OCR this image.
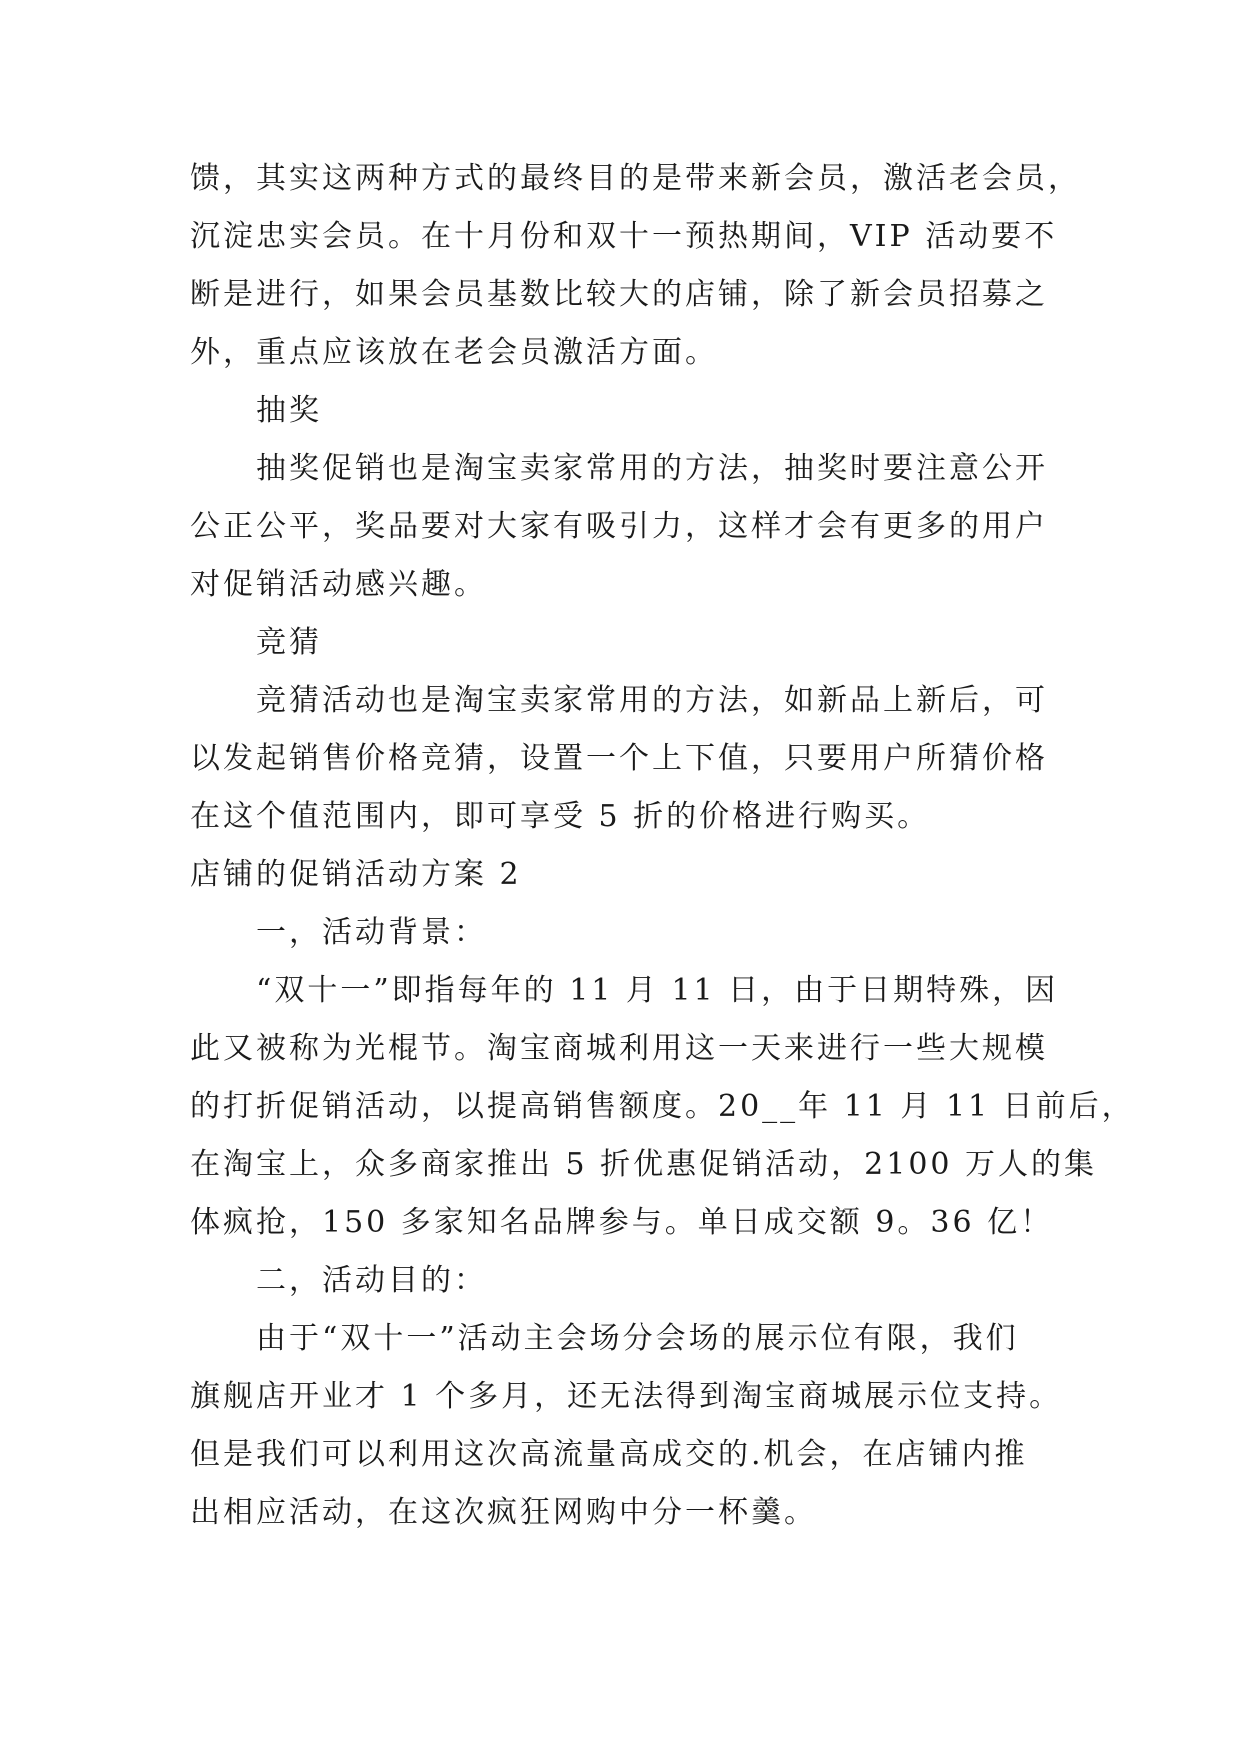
馈，其实这两种方式的最终目的是带来新会员，激活老会员，
沉淀忠实会员。在十月份和双十一预热期间，VIP 活动要不
断是进行，如果会员基数比较大的店铺，除了新会员招募之
外，重点应该放在老会员激活方面。
抽奖
抽奖促销也是淘宝卖家常用的方法，抽奖时要注意公开
公正公平，奖品要对大家有吸引力，这样才会有更多的用户
对促销活动感兴趣。
竞猜
竞猜活动也是淘宝卖家常用的方法，如新品上新后，可
以发起销售价格竞猜，设置一个上下值，只要用户所猜价格
在这个值范围内，即可享受 5 折的价格进行购买。
店铺的促销活动方案 2
一，活动背景：
“双十一”即指每年的 11 月 11 日，由于日期特殊，因
此又被称为光棍节。淘宝商城利用这一天来进行一些大规模
的打折促销活动，以提高销售额度。20__年 11 月 11 日前后，
在淘宝上，众多商家推出 5 折优惠促销活动，2100 万人的集
体疯抢，150 多家知名品牌参与。单日成交额 9。36 亿！
二，活动目的：
由于“双十一”活动主会场分会场的展示位有限，我们
旗舰店开业才 1 个多月，还无法得到淘宝商城展示位支持。
但是我们可以利用这次高流量高成交的.机会，在店铺内推
出相应活动，在这次疯狂网购中分一杯羹。
